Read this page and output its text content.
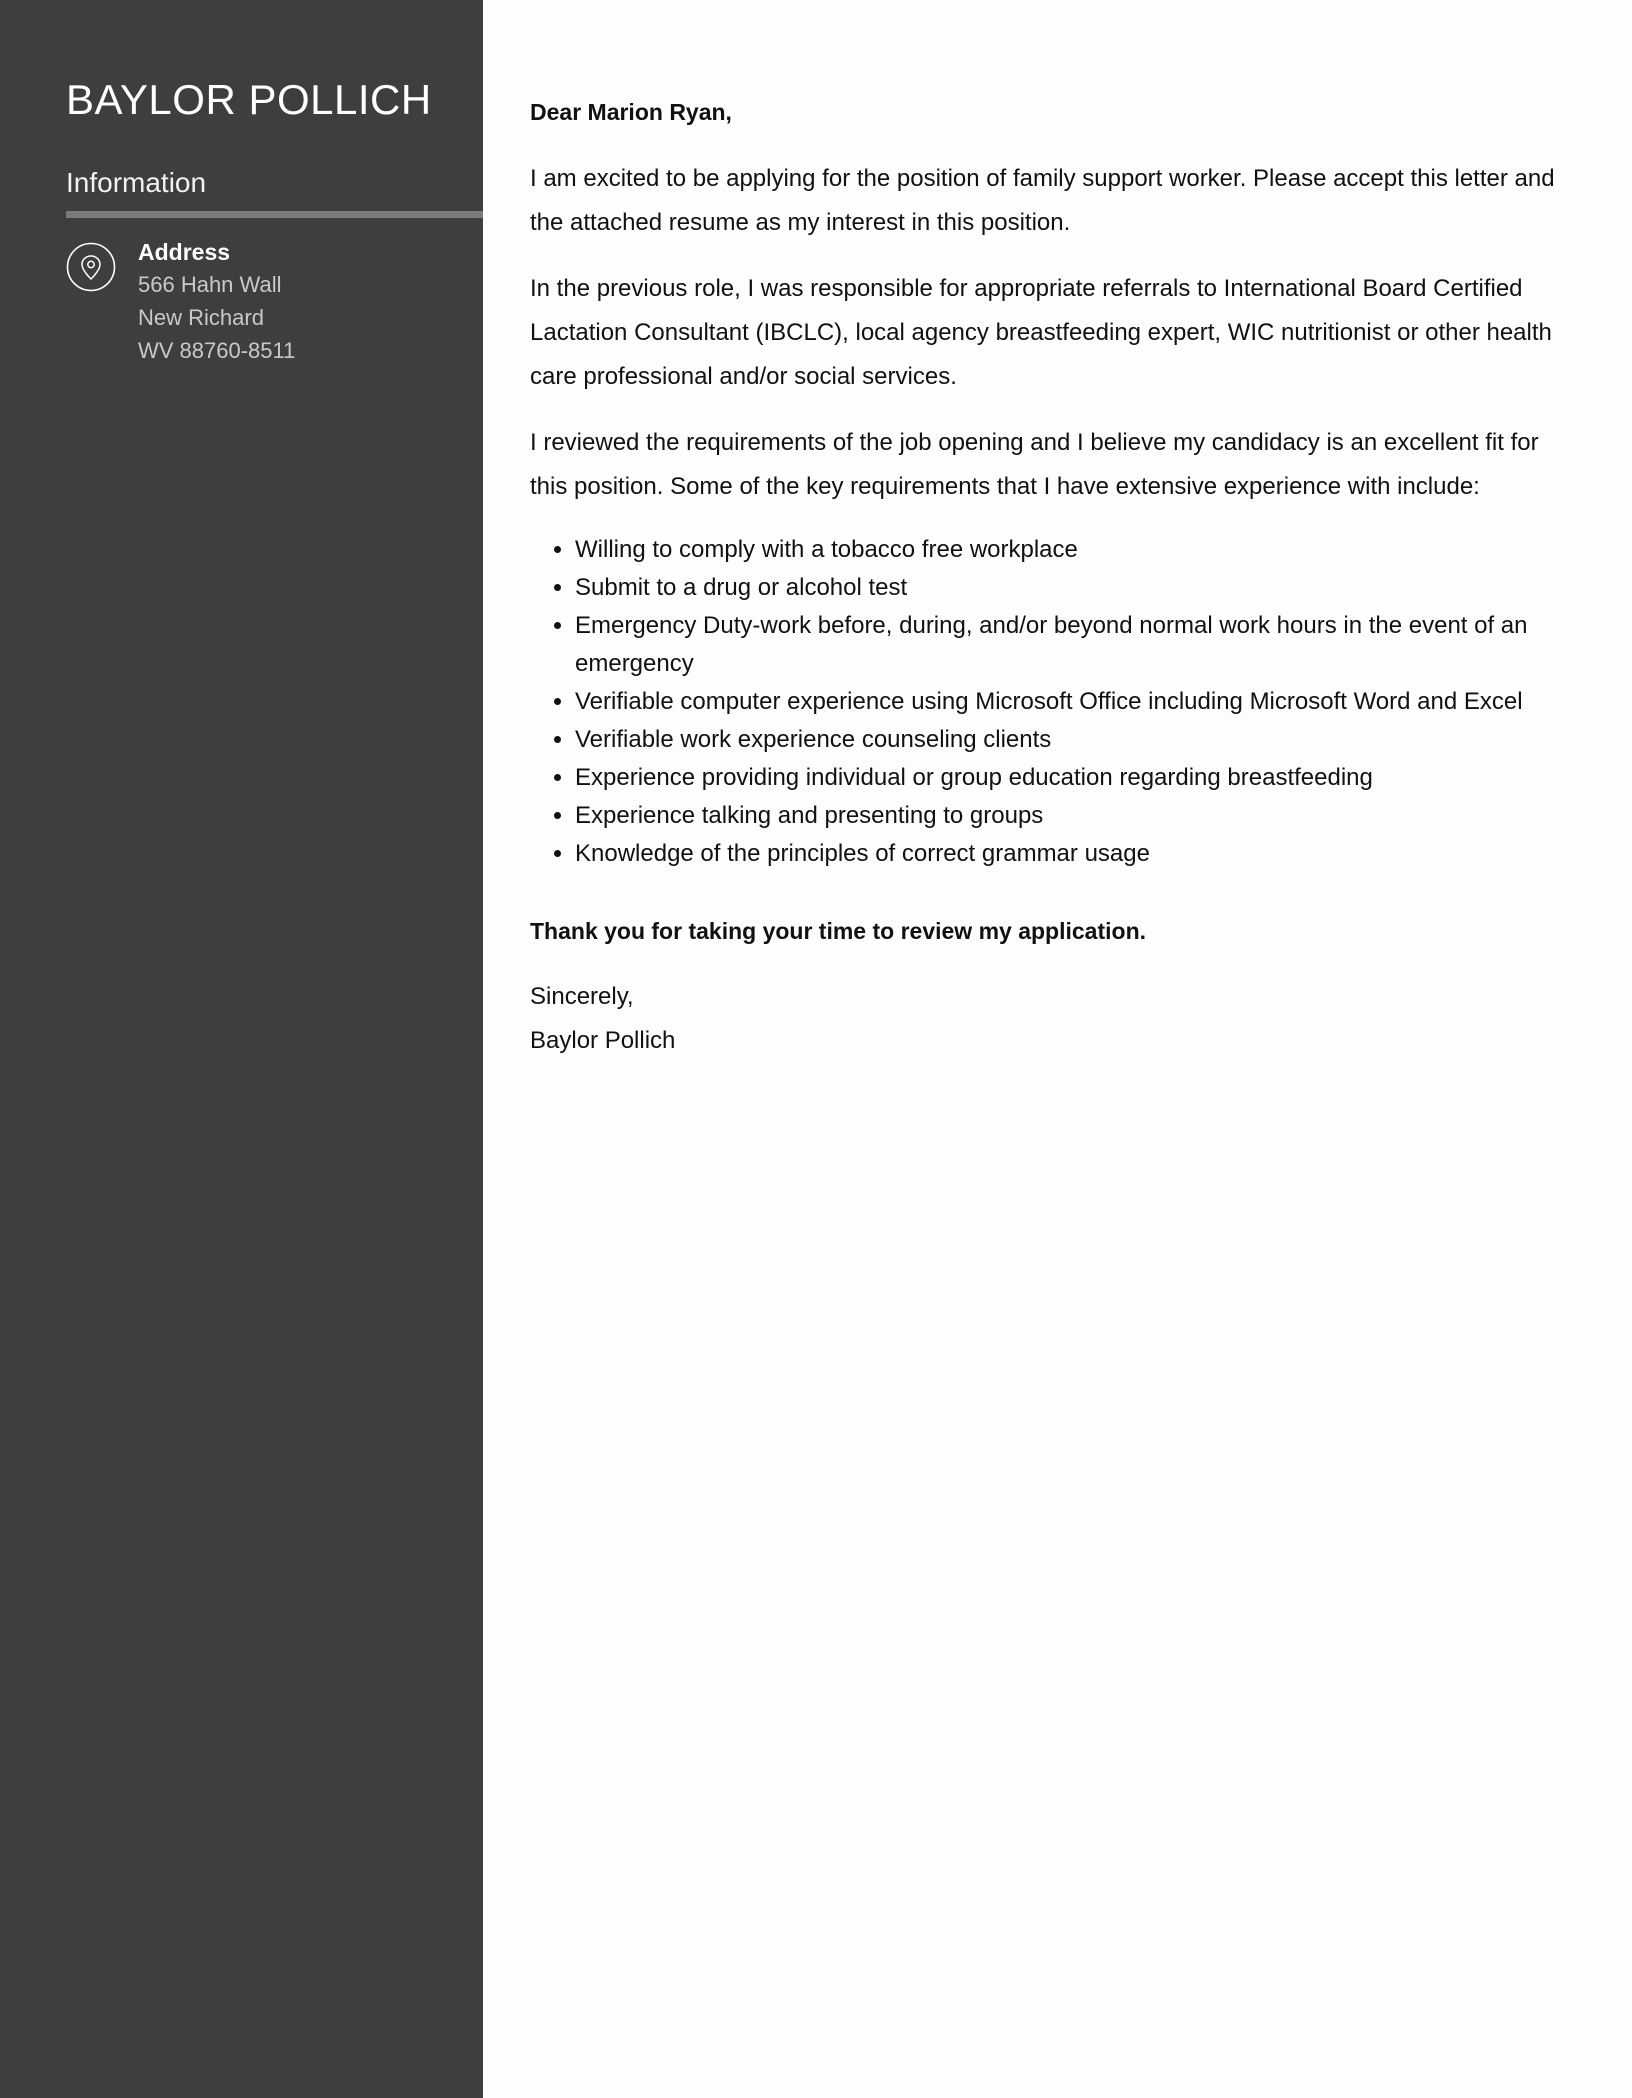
BAYLOR POLLICH
Information
Address
566 Hahn Wall
New Richard
WV 88760-8511

Dear Marion Ryan,

I am excited to be applying for the position of family support worker. Please accept this letter and the attached resume as my interest in this position.

In the previous role, I was responsible for appropriate referrals to International Board Certified Lactation Consultant (IBCLC), local agency breastfeeding expert, WIC nutritionist or other health care professional and/or social services.

I reviewed the requirements of the job opening and I believe my candidacy is an excellent fit for this position. Some of the key requirements that I have extensive experience with include:

• Willing to comply with a tobacco free workplace
• Submit to a drug or alcohol test
• Emergency Duty-work before, during, and/or beyond normal work hours in the event of an emergency
• Verifiable computer experience using Microsoft Office including Microsoft Word and Excel
• Verifiable work experience counseling clients
• Experience providing individual or group education regarding breastfeeding
• Experience talking and presenting to groups
• Knowledge of the principles of correct grammar usage

Thank you for taking your time to review my application.

Sincerely,

Baylor Pollich
